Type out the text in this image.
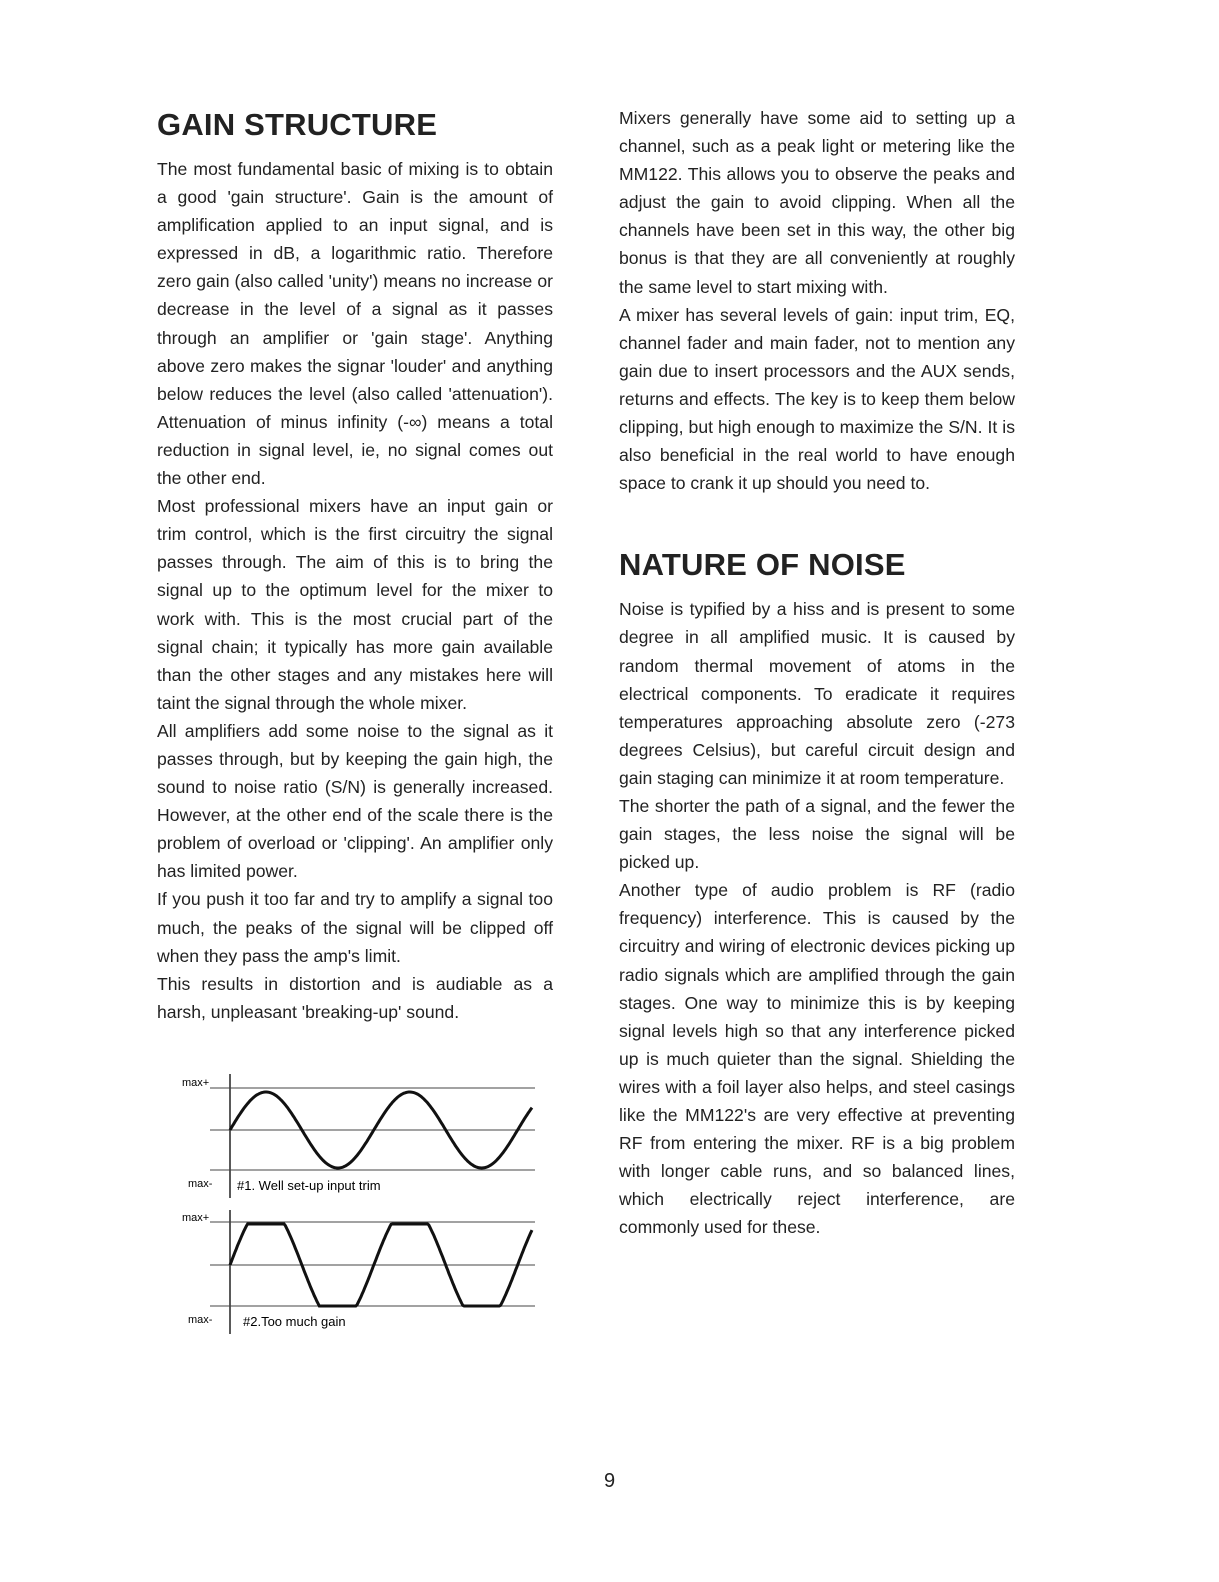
GAIN STRUCTURE

The most fundamental basic of mixing is to obtain a good 'gain structure'. Gain is the amount of amplification applied to an input signal, and is expressed in dB, a logarithmic ratio. Therefore zero gain (also called 'unity') means no increase or decrease in the level of a signal as it passes through an amplifier or 'gain stage'. Anything above zero makes the signar 'louder' and anything below reduces the level (also called 'attenuation'). Attenuation of minus infinity (-∞) means a total reduction in signal level, ie, no signal comes out the other end.

Most professional mixers have an input gain or trim control, which is the first circuitry the signal passes through. The aim of this is to bring the signal up to the optimum level for the mixer to work with. This is the most crucial part of the signal chain; it typically has more gain available than the other stages and any mistakes here will taint the signal through the whole mixer.

All amplifiers add some noise to the signal as it passes through, but by keeping the gain high, the sound to noise ratio (S/N) is generally increased. However, at the other end of the scale there is the problem of overload or 'clipping'. An amplifier only has limited power.

If you push it too far and try to amplify a signal too much, the peaks of the signal will be clipped off when they pass the amp's limit.

This results in distortion and is audiable as a harsh, unpleasant 'breaking-up' sound.

max+
max- #1. Well set-up input trim
max+
max- #2.Too much gain

Mixers generally have some aid to setting up a channel, such as a peak light or metering like the MM122. This allows you to observe the peaks and adjust the gain to avoid clipping. When all the channels have been set in this way, the other big bonus is that they are all conveniently at roughly the same level to start mixing with.

A mixer has several levels of gain: input trim, EQ, channel fader and main fader, not to mention any gain due to insert processors and the AUX sends, returns and effects. The key is to keep them below clipping, but high enough to maximize the S/N. It is also beneficial in the real world to have enough space to crank it up should you need to.

NATURE OF NOISE

Noise is typified by a hiss and is present to some degree in all amplified music. It is caused by random thermal movement of atoms in the electrical components. To eradicate it requires temperatures approaching absolute zero (-273 degrees Celsius), but careful circuit design and gain staging can minimize it at room temperature.

The shorter the path of a signal, and the fewer the gain stages, the less noise the signal will be picked up.

Another type of audio problem is RF (radio frequency) interference. This is caused by the circuitry and wiring of electronic devices picking up radio signals which are amplified through the gain stages. One way to minimize this is by keeping signal levels high so that any interference picked up is much quieter than the signal. Shielding the wires with a foil layer also helps, and steel casings like the MM122's are very effective at preventing RF from entering the mixer. RF is a big problem with longer cable runs, and so balanced lines, which electrically reject interference, are commonly used for these.

9
